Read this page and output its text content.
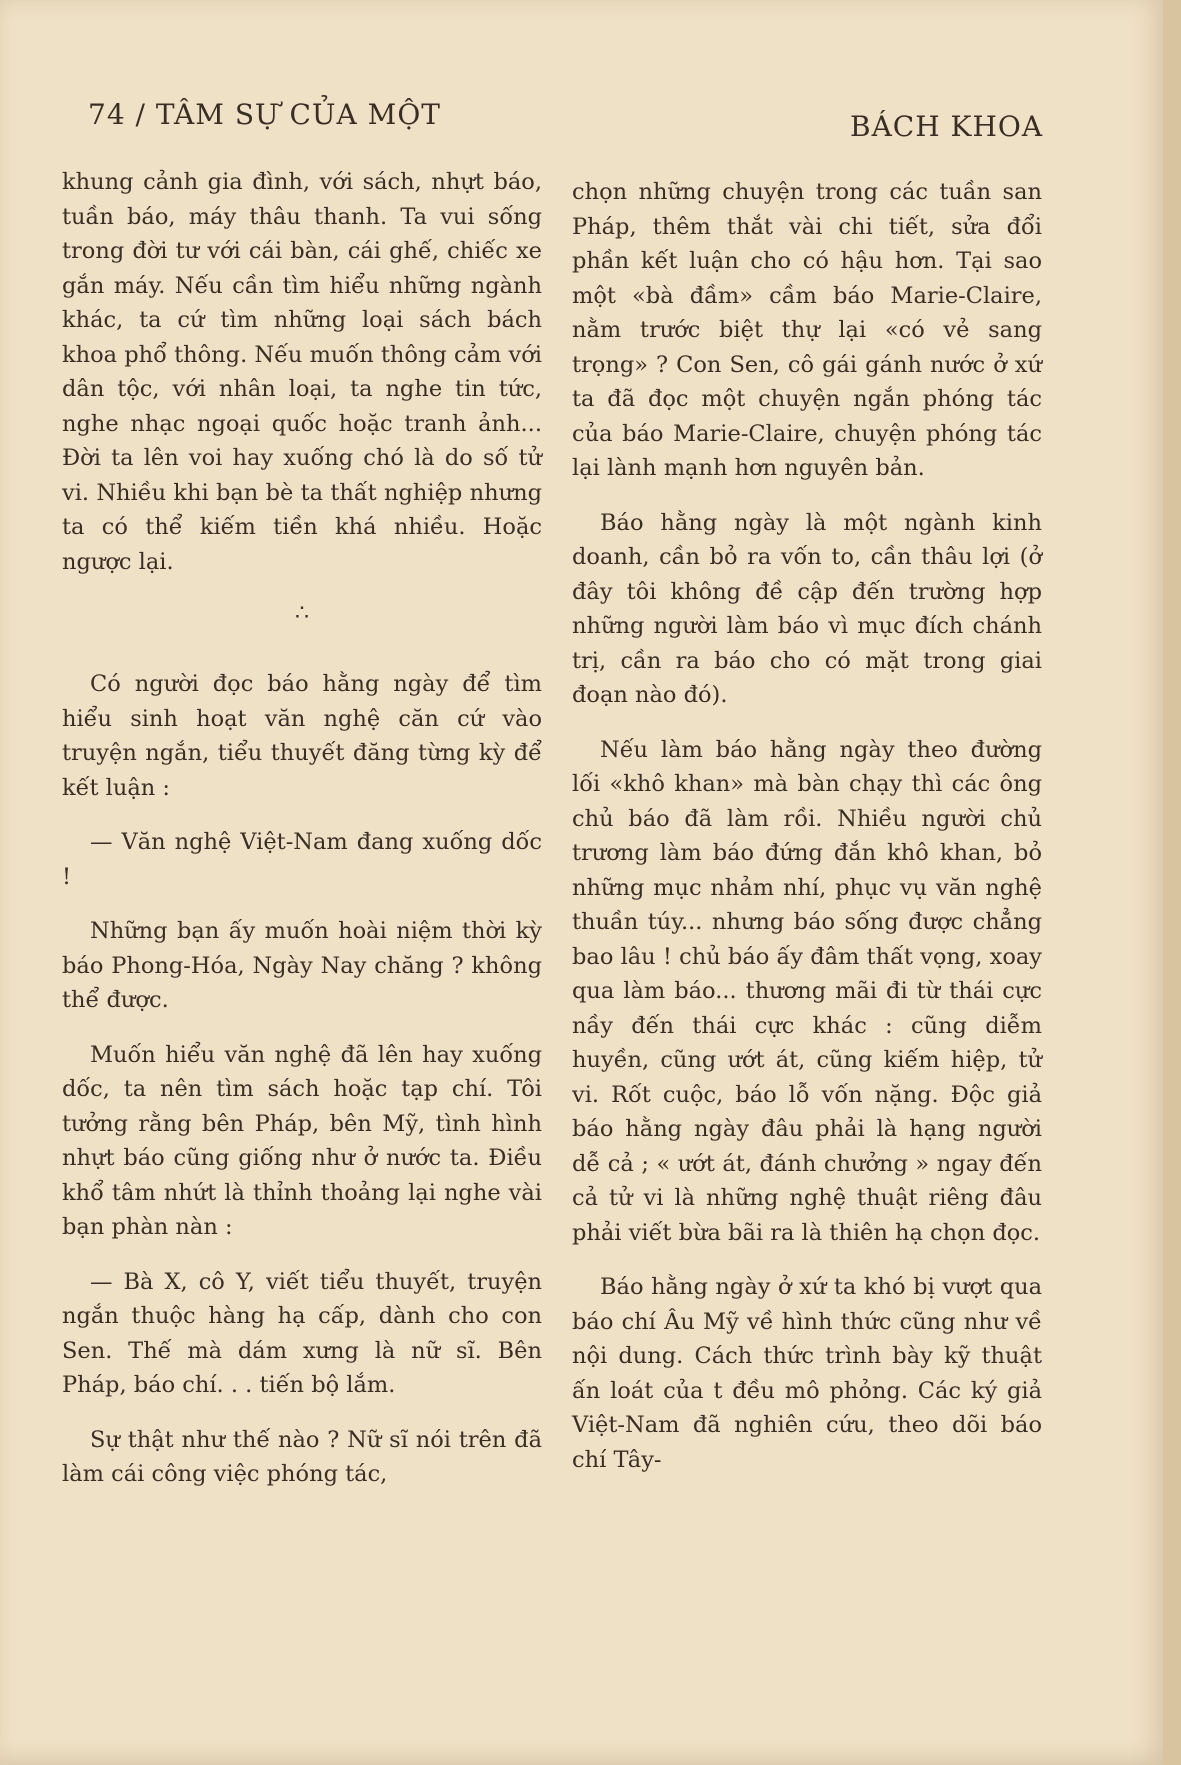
74 / TÂM SỰ CỦA MỘT	BÁCH KHOA

khung cảnh gia đình, với sách, nhựt báo, tuần báo, máy thâu thanh. Ta vui sống trong đời tư với cái bàn, cái ghế, chiếc xe gắn máy. Nếu cần tìm hiểu những ngành khác, ta cứ tìm những loại sách bách khoa phổ thông. Nếu muốn thông cảm với dân tộc, với nhân loại, ta nghe tin tức, nghe nhạc ngoại quốc hoặc tranh ảnh... Đời ta lên voi hay xuống chó là do số tử vi. Nhiều khi bạn bè ta thất nghiệp nhưng ta có thể kiếm tiền khá nhiều. Hoặc ngược lại.

∴

Có người đọc báo hằng ngày để tìm hiểu sinh hoạt văn nghệ căn cứ vào truyện ngắn, tiểu thuyết đăng từng kỳ để kết luận :

— Văn nghệ Việt-Nam đang xuống dốc !

Những bạn ấy muốn hoài niệm thời kỳ báo Phong-Hóa, Ngày Nay chăng ? không thể được.

Muốn hiểu văn nghệ đã lên hay xuống dốc, ta nên tìm sách hoặc tạp chí. Tôi tưởng rằng bên Pháp, bên Mỹ, tình hình nhựt báo cũng giống như ở nước ta. Điều khổ tâm nhứt là thỉnh thoảng lại nghe vài bạn phàn nàn :

— Bà X, cô Y, viết tiểu thuyết, truyện ngắn thuộc hàng hạ cấp, dành cho con Sen. Thế mà dám xưng là nữ sĩ. Bên Pháp, báo chí. . . tiến bộ lắm.

Sự thật như thế nào ? Nữ sĩ nói trên đã làm cái công việc phóng tác,

chọn những chuyện trong các tuần san Pháp, thêm thắt vài chi tiết, sửa đổi phần kết luận cho có hậu hơn. Tại sao một «bà đầm» cầm báo Marie-Claire, nằm trước biệt thự lại «có vẻ sang trọng» ? Con Sen, cô gái gánh nước ở xứ ta đã đọc một chuyện ngắn phóng tác của báo Marie-Claire, chuyện phóng tác lại lành mạnh hơn nguyên bản.

Báo hằng ngày là một ngành kinh doanh, cần bỏ ra vốn to, cần thâu lợi (ở đây tôi không đề cập đến trường hợp những người làm báo vì mục đích chánh trị, cần ra báo cho có mặt trong giai đoạn nào đó).

Nếu làm báo hằng ngày theo đường lối «khô khan» mà bàn chạy thì các ông chủ báo đã làm rồi. Nhiều người chủ trương làm báo đứng đắn khô khan, bỏ những mục nhảm nhí, phục vụ văn nghệ thuần túy... nhưng báo sống được chẳng bao lâu ! chủ báo ấy đâm thất vọng, xoay qua làm báo... thương mãi đi từ thái cực nầy đến thái cực khác : cũng diễm huyền, cũng ướt át, cũng kiếm hiệp, tử vi. Rốt cuộc, báo lỗ vốn nặng. Độc giả báo hằng ngày đâu phải là hạng người dễ cả ; « ướt át, đánh chưởng » ngay đến cả tử vi là những nghệ thuật riêng đâu phải viết bừa bãi ra là thiên hạ chọn đọc.

Báo hằng ngày ở xứ ta khó bị vượt qua báo chí Âu Mỹ về hình thức cũng như về nội dung. Cách thức trình bày kỹ thuật ấn loát của t đều mô phỏng. Các ký giả Việt-Nam đã nghiên cứu, theo dõi báo chí Tây-
